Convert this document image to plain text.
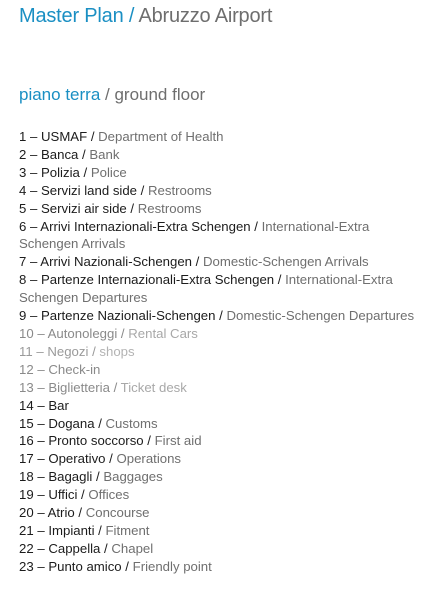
Master Plan / Abruzzo Airport
piano terra / ground floor
1 – USMAF / Department of Health
2 – Banca / Bank
3 – Polizia / Police
4 – Servizi land side / Restrooms
5 – Servizi air side / Restrooms
6 – Arrivi Internazionali-Extra Schengen / International-Extra Schengen Arrivals
7 – Arrivi Nazionali-Schengen / Domestic-Schengen Arrivals
8 – Partenze Internazionali-Extra Schengen / International-Extra Schengen Departures
9 – Partenze Nazionali-Schengen / Domestic-Schengen Departures
10 – Autonoleggi / Rental Cars
11 – Negozi / shops
12 – Check-in
13 – Biglietteria / Ticket desk
14 – Bar
15 – Dogana / Customs
16 – Pronto soccorso / First aid
17 – Operativo / Operations
18 – Bagagli / Baggages
19 – Uffici / Offices
20 – Atrio / Concourse
21 – Impianti / Fitment
22 – Cappella / Chapel
23 – Punto amico / Friendly point
